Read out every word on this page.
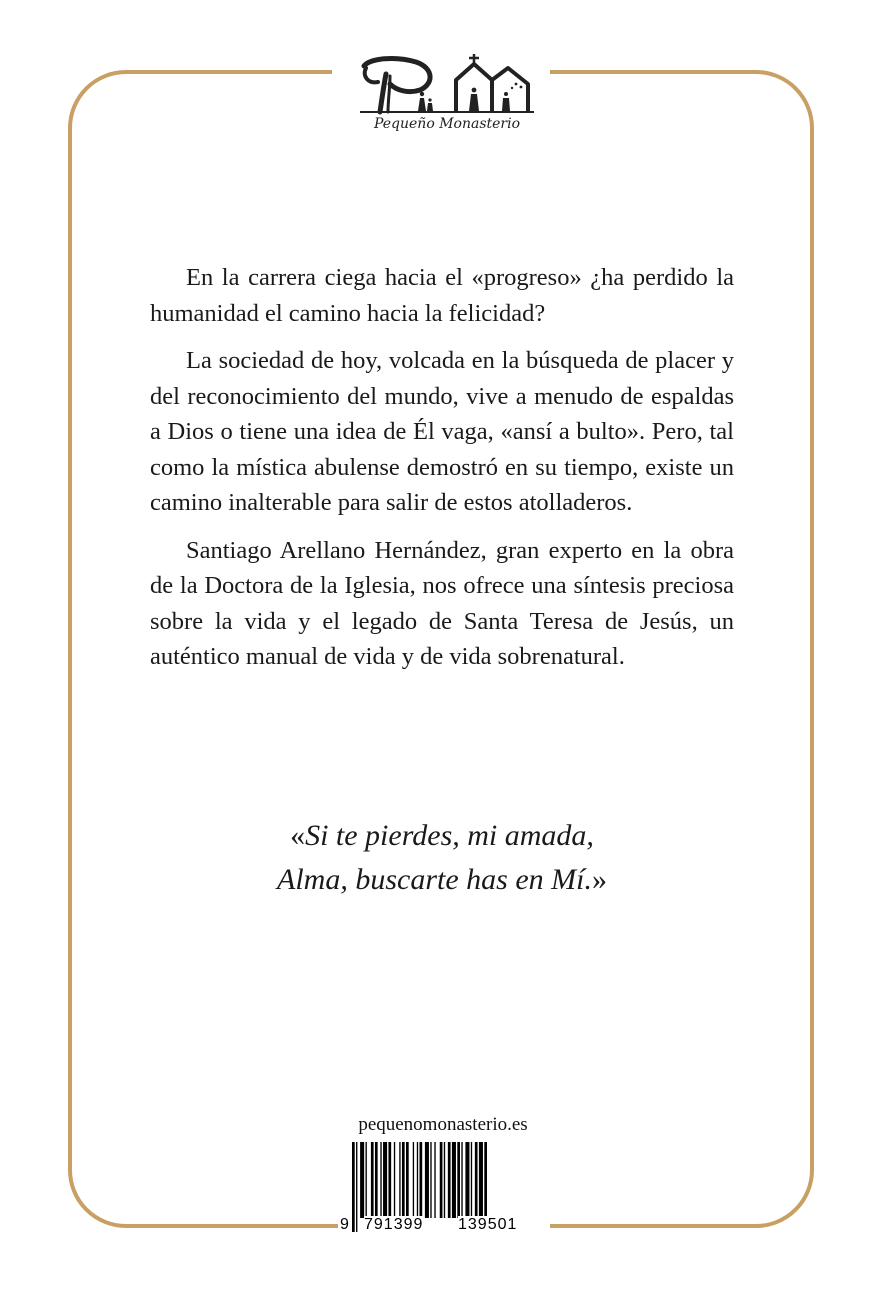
Pequeño Monasterio

En la carrera ciega hacia el «progreso» ¿ha perdido la humanidad el camino hacia la felicidad?

La sociedad de hoy, volcada en la búsqueda de placer y del reconocimiento del mundo, vive a menudo de espaldas a Dios o tiene una idea de Él vaga, «ansí a bulto». Pero, tal como la mística abulense demostró en su tiempo, existe un camino inalterable para salir de estos atolladeros.

Santiago Arellano Hernández, gran experto en la obra de la Doctora de la Iglesia, nos ofrece una síntesis preciosa sobre la vida y el legado de Santa Teresa de Jesús, un auténtico manual de vida y de vida sobrenatural.

«Si te pierdes, mi amada,
Alma, buscarte has en Mí.»
pequenomonasterio.es
9 791399 139501
